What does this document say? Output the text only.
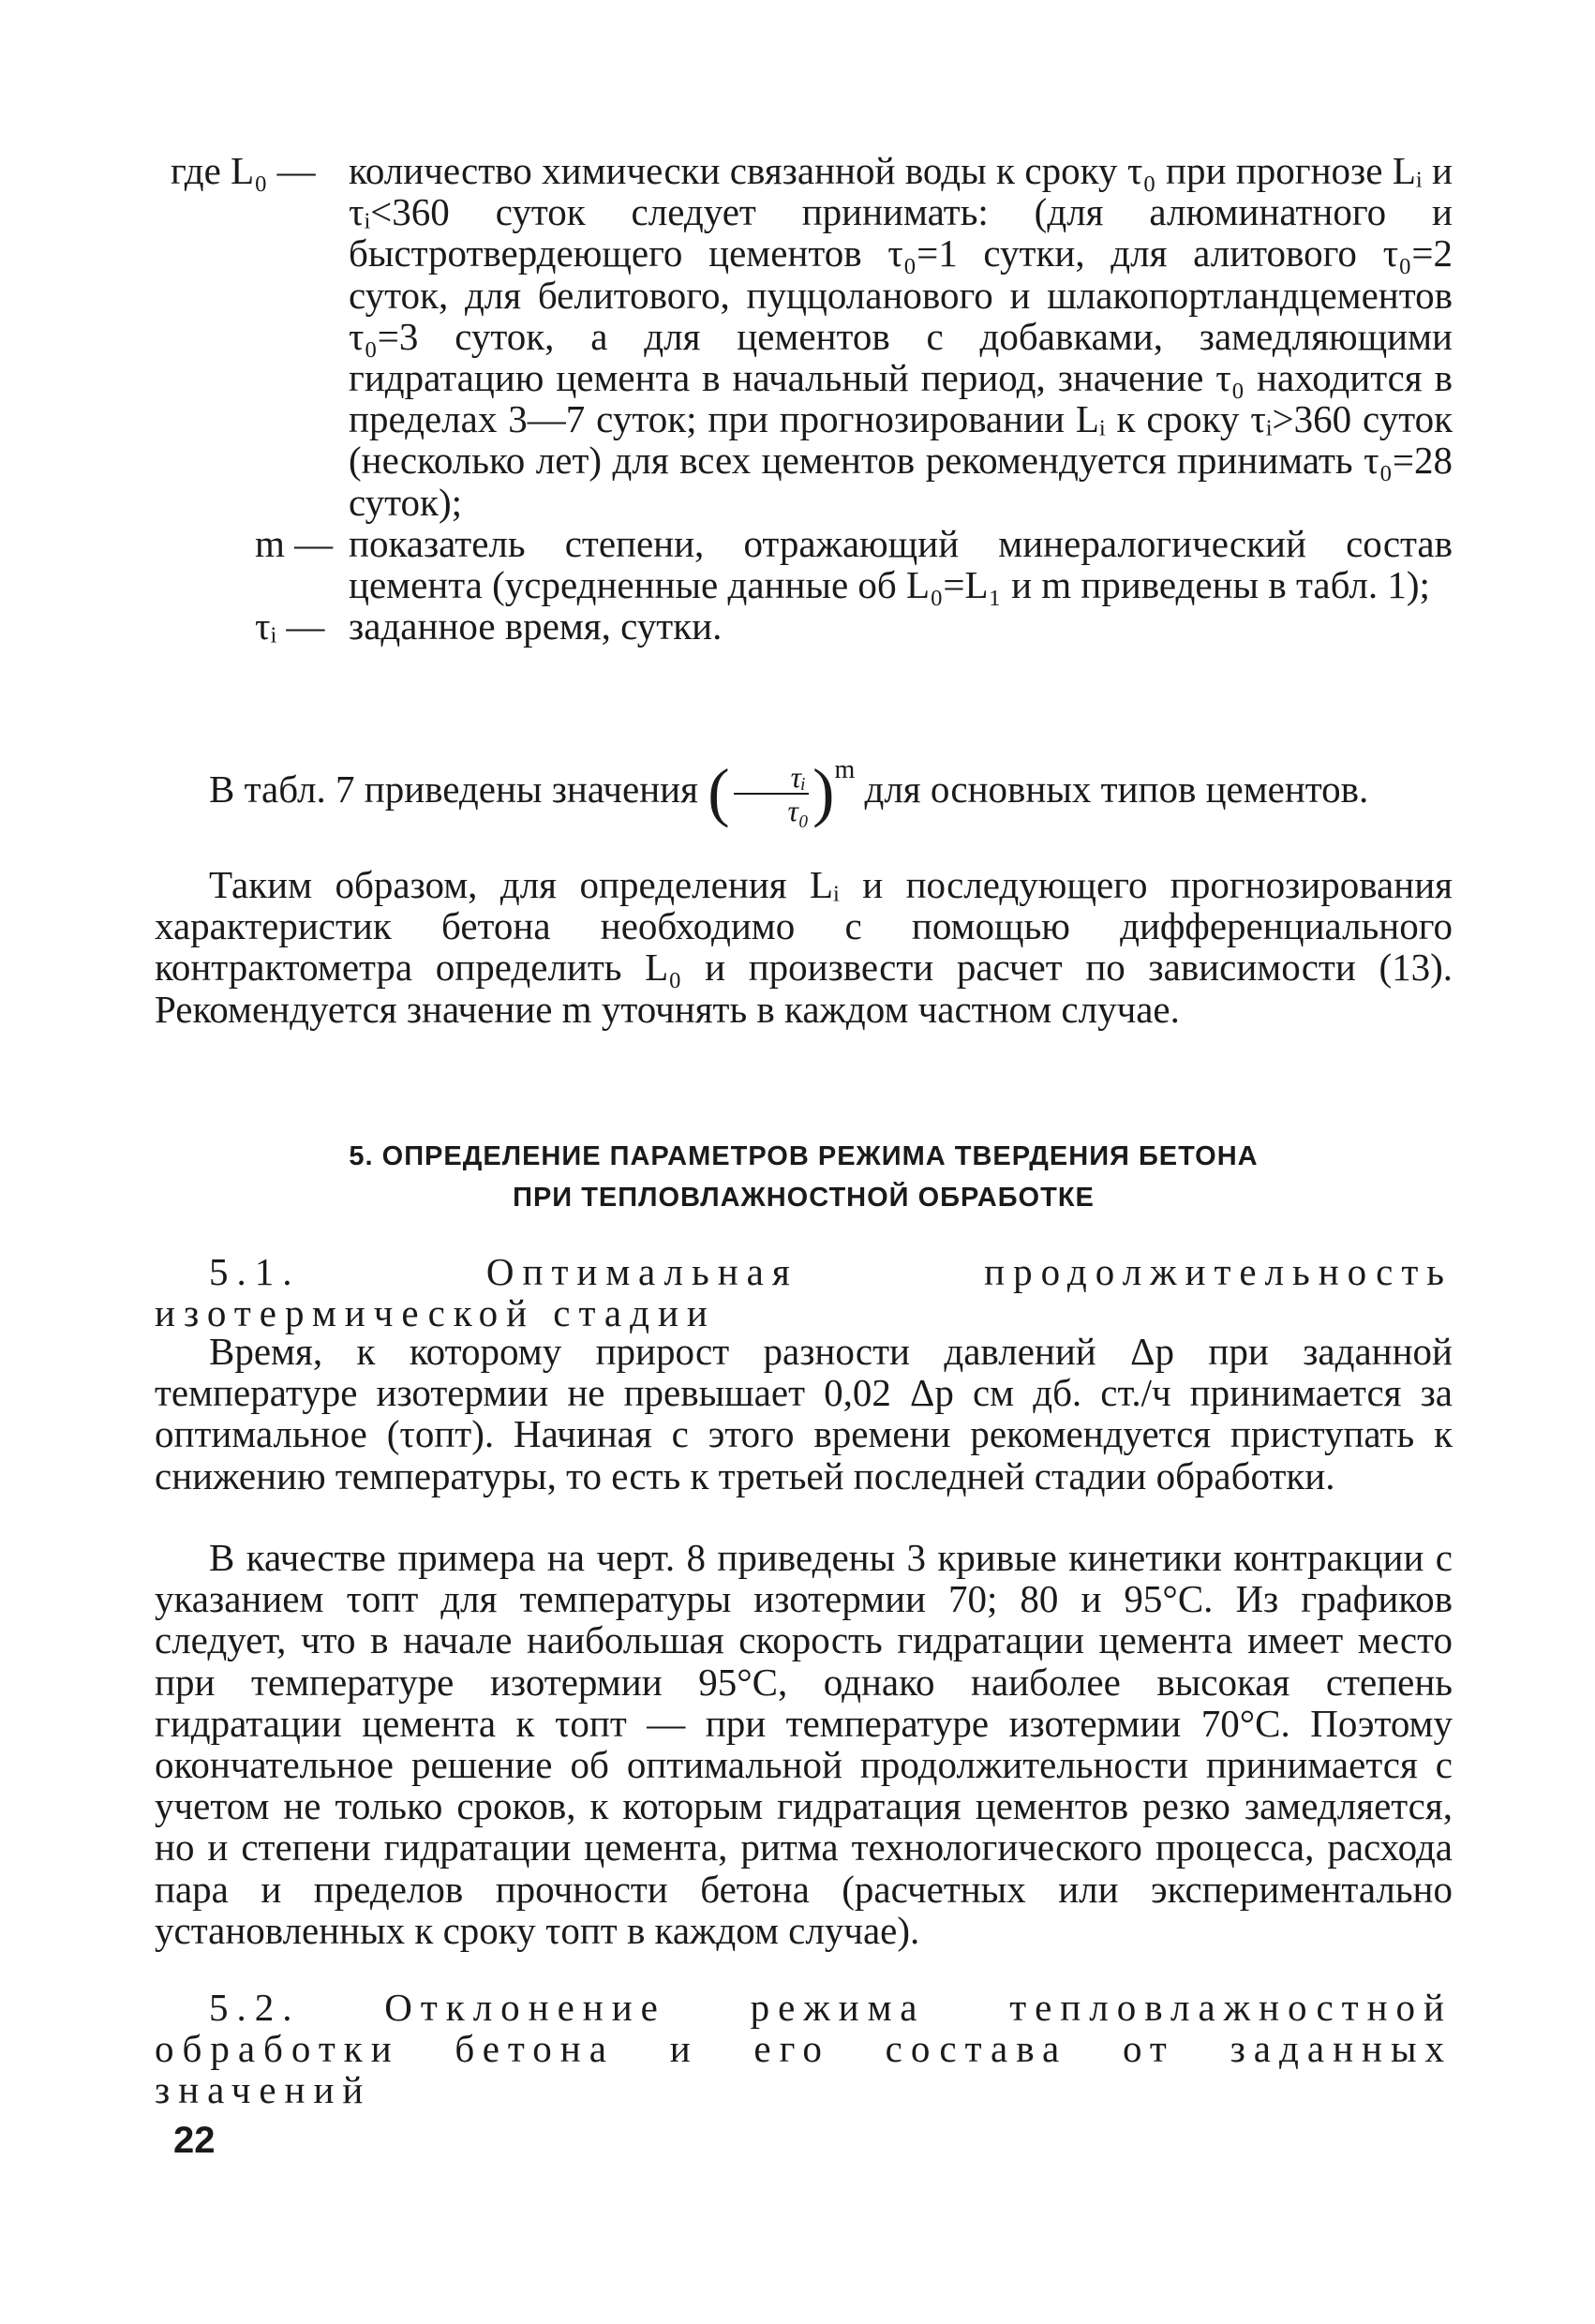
где L₀ — количество химически связанной воды к сроку τ₀ при прогнозе Lᵢ и τᵢ<360 суток следует принимать: (для алюминатного и быстротвердеющего цементов τ₀=1 сутки, для алитового τ₀=2 суток, для белитового, пуццоланового и шлакопортландцементов τ₀=3 суток, а для цементов с добавками, замедляющими гидратацию цемента в начальный период, значение τ₀ находится в пределах 3—7 суток; при прогнозировании Lᵢ к сроку τᵢ>360 суток (несколько лет) для всех цементов рекомендуется принимать τ₀=28 суток);
m — показатель степени, отражающий минералогический состав цемента (усредненные данные об L₀=L₁ и m приведены в табл. 1);
τᵢ — заданное время, сутки.
В табл. 7 приведены значения ( $\frac{\text{τᵢ}}{\text{τ₀}} )^m$ для основных типов цементов.
Таким образом, для определения Lᵢ и последующего прогнозирования характеристик бетона необходимо с помощью дифференциального контрактометра определить L₀ и произвести расчет по зависимости (13). Рекомендуется значение m уточнять в каждом частном случае.
5. ОПРЕДЕЛЕНИЕ ПАРАМЕТРОВ РЕЖИМА ТВЕРДЕНИЯ БЕТОНА
ПРИ ТЕПЛОВЛАЖНОСТНОЙ ОБРАБОТКЕ
5.1. Оптимальная продолжительность изотермической стадии
Время, к которому прирост разности давлений Δp при заданной температуре изотермии не превышает 0,02 Δp см дб. ст./ч принимается за оптимальное (τопт). Начиная с этого времени рекомендуется приступать к снижению температуры, то есть к третьей последней стадии обработки.
В качестве примера на черт. 8 приведены 3 кривые кинетики контракции с указанием τопт для температуры изотермии 70; 80 и 95°С. Из графиков следует, что в начале наибольшая скорость гидратации цемента имеет место при температуре изотермии 95°С, однако наиболее высокая степень гидратации цемента к τопт — при температуре изотермии 70°С. Поэтому окончательное решение об оптимальной продолжительности принимается с учетом не только сроков, к которым гидратация цементов резко замедляется, но и степени гидратации цемента, ритма технологического процесса, расхода пара и пределов прочности бетона (расчетных или экспериментально установленных к сроку τопт в каждом случае).
5.2. Отклонение режима тепловлажностной обработки бетона и его состава от заданных значений
22
